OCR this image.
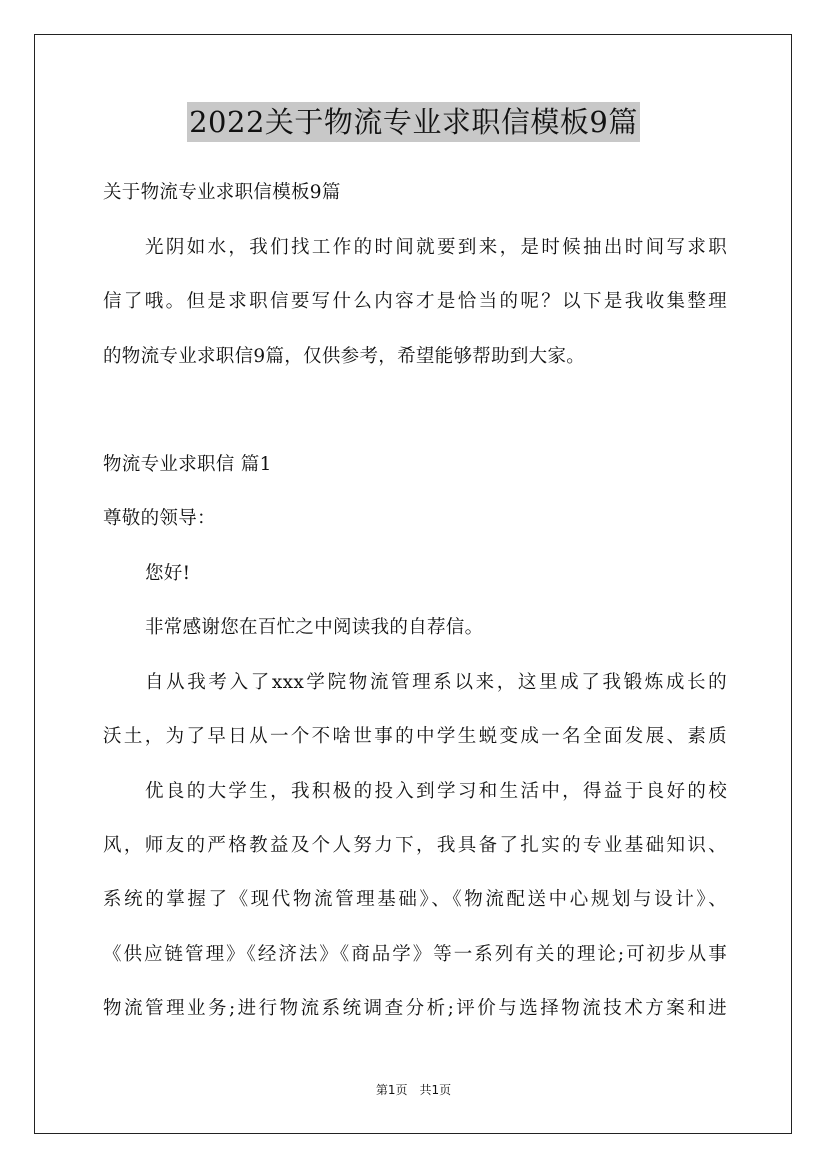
2022关于物流专业求职信模板9篇
关于物流专业求职信模板9篇
光阴如水，我们找工作的时间就要到来，是时候抽出时间写求职
信了哦。但是求职信要写什么内容才是恰当的呢？以下是我收集整理
的物流专业求职信9篇，仅供参考，希望能够帮助到大家。
物流专业求职信 篇1
尊敬的领导：
您好!
非常感谢您在百忙之中阅读我的自荐信。
自从我考入了xxx学院物流管理系以来，这里成了我锻炼成长的
沃土，为了早日从一个不啥世事的中学生蜕变成一名全面发展、素质
优良的大学生，我积极的投入到学习和生活中，得益于良好的校
风，师友的严格教益及个人努力下，我具备了扎实的专业基础知识、
系统的掌握了《现代物流管理基础》、《物流配送中心规划与设计》、
《供应链管理》《经济法》《商品学》等一系列有关的理论;可初步从事
物流管理业务;进行物流系统调查分析;评价与选择物流技术方案和进
第1页　共1页
